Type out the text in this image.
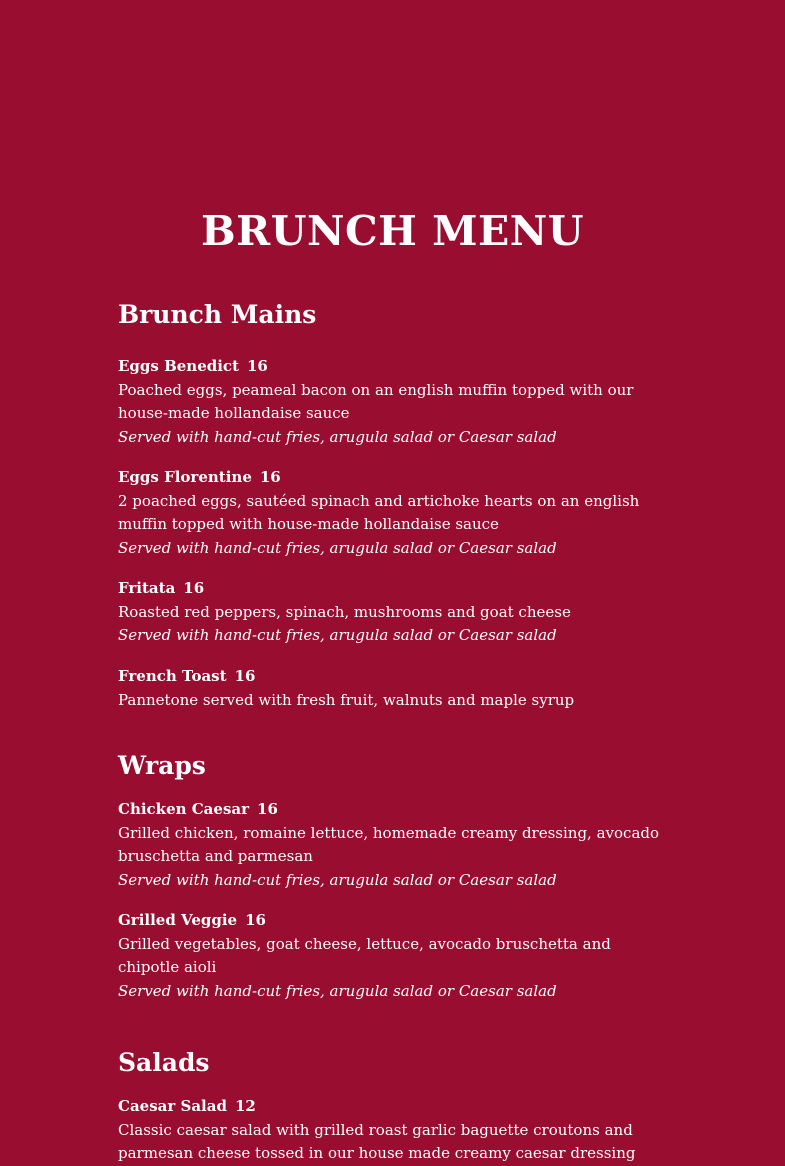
BRUNCH MENU
Brunch Mains
Eggs Benedict 16
Poached eggs, peameal bacon on an english muffin topped with our house-made hollandaise sauce
Served with hand-cut fries, arugula salad or Caesar salad
Eggs Florentine 16
2 poached eggs, sautéed spinach and artichoke hearts on an english muffin topped with house-made hollandaise sauce
Served with hand-cut fries, arugula salad or Caesar salad
Fritata 16
Roasted red peppers, spinach, mushrooms and goat cheese
Served with hand-cut fries, arugula salad or Caesar salad
French Toast 16
Pannetone served with fresh fruit, walnuts and maple syrup
Wraps
Chicken Caesar 16
Grilled chicken, romaine lettuce, homemade creamy dressing, avocado bruschetta and parmesan
Served with hand-cut fries, arugula salad or Caesar salad
Grilled Veggie 16
Grilled vegetables, goat cheese, lettuce, avocado bruschetta and chipotle aioli
Served with hand-cut fries, arugula salad or Caesar salad
Salads
Caesar Salad 12
Classic caesar salad with grilled roast garlic baguette croutons and parmesan cheese tossed in our house made creamy caesar dressing
